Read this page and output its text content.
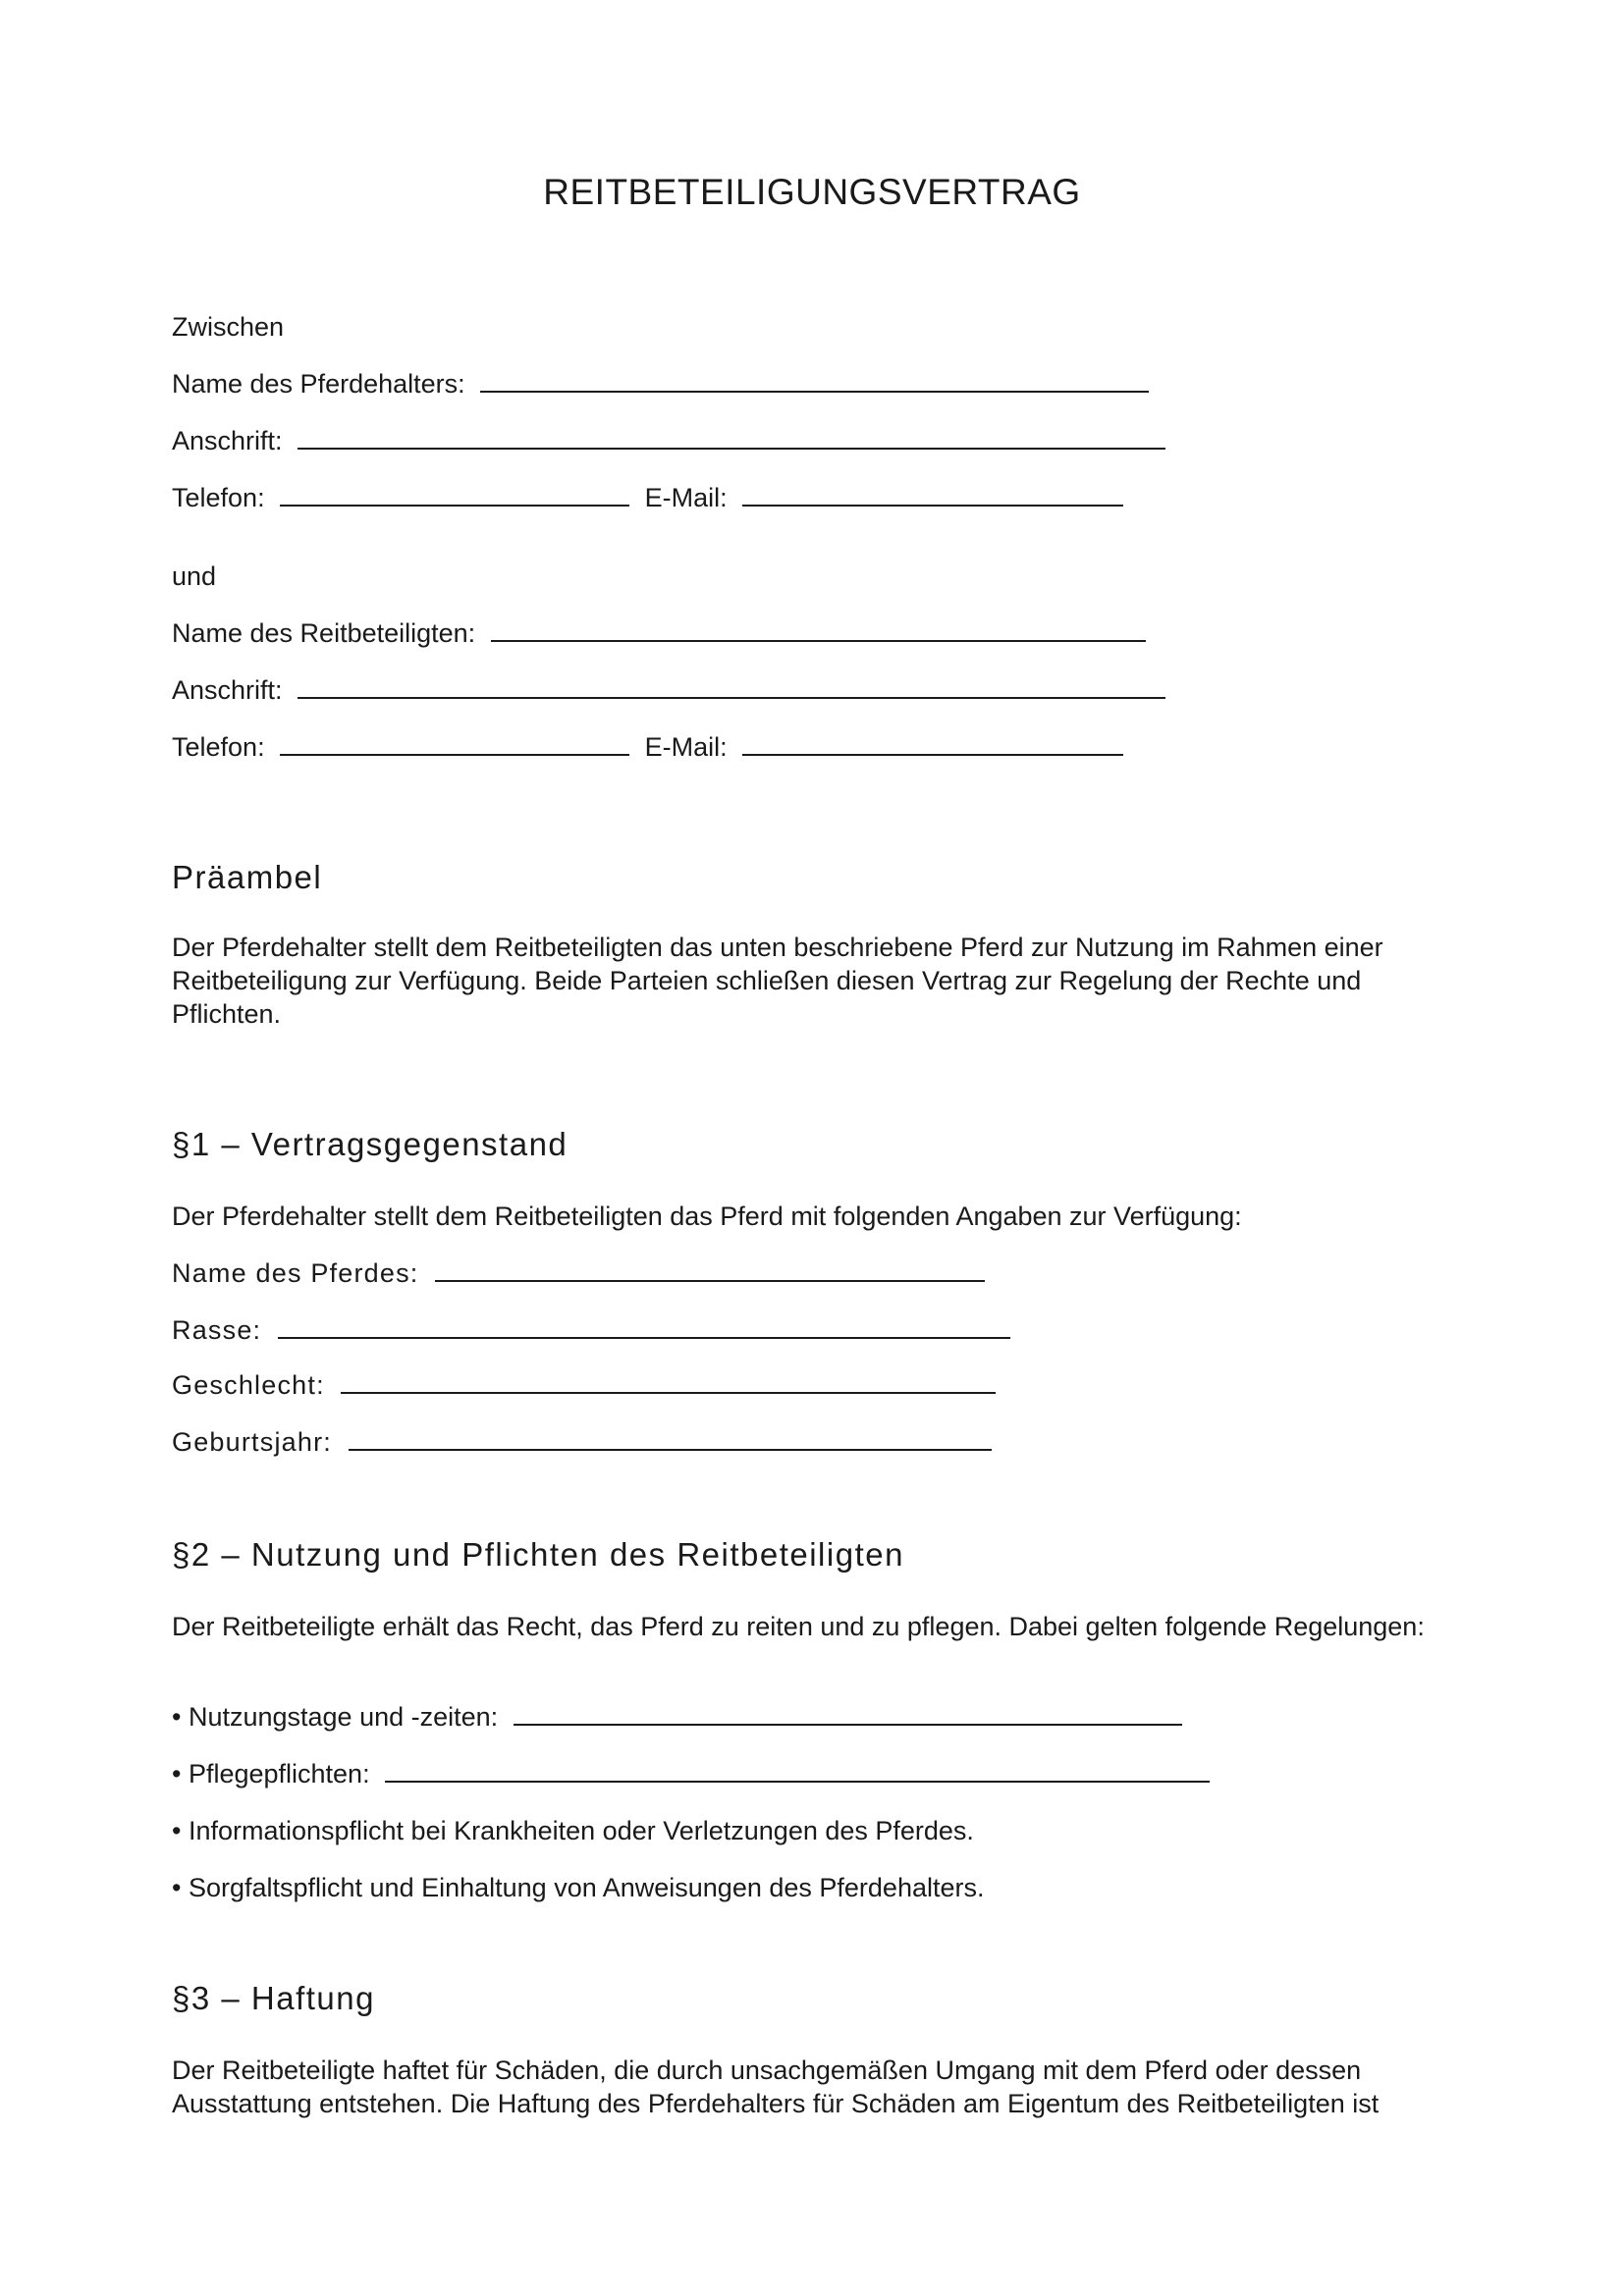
REITBETEILIGUNGSVERTRAG
Zwischen
Name des Pferdehalters:
Anschrift:
Telefon:	E-Mail:
und
Name des Reitbeteiligten:
Anschrift:
Telefon:	E-Mail:
Präambel
Der Pferdehalter stellt dem Reitbeteiligten das unten beschriebene Pferd zur Nutzung im Rahmen einer Reitbeteiligung zur Verfügung. Beide Parteien schließen diesen Vertrag zur Regelung der Rechte und Pflichten.
§1 – Vertragsgegenstand
Der Pferdehalter stellt dem Reitbeteiligten das Pferd mit folgenden Angaben zur Verfügung:
Name des Pferdes:
Rasse:
Geschlecht:
Geburtsjahr:
§2 – Nutzung und Pflichten des Reitbeteiligten
Der Reitbeteiligte erhält das Recht, das Pferd zu reiten und zu pflegen. Dabei gelten folgende Regelungen:
• Nutzungstage und -zeiten:
• Pflegepflichten:
• Informationspflicht bei Krankheiten oder Verletzungen des Pferdes.
• Sorgfaltspflicht und Einhaltung von Anweisungen des Pferdehalters.
§3 – Haftung
Der Reitbeteiligte haftet für Schäden, die durch unsachgemäßen Umgang mit dem Pferd oder dessen Ausstattung entstehen. Die Haftung des Pferdehalters für Schäden am Eigentum des Reitbeteiligten ist
